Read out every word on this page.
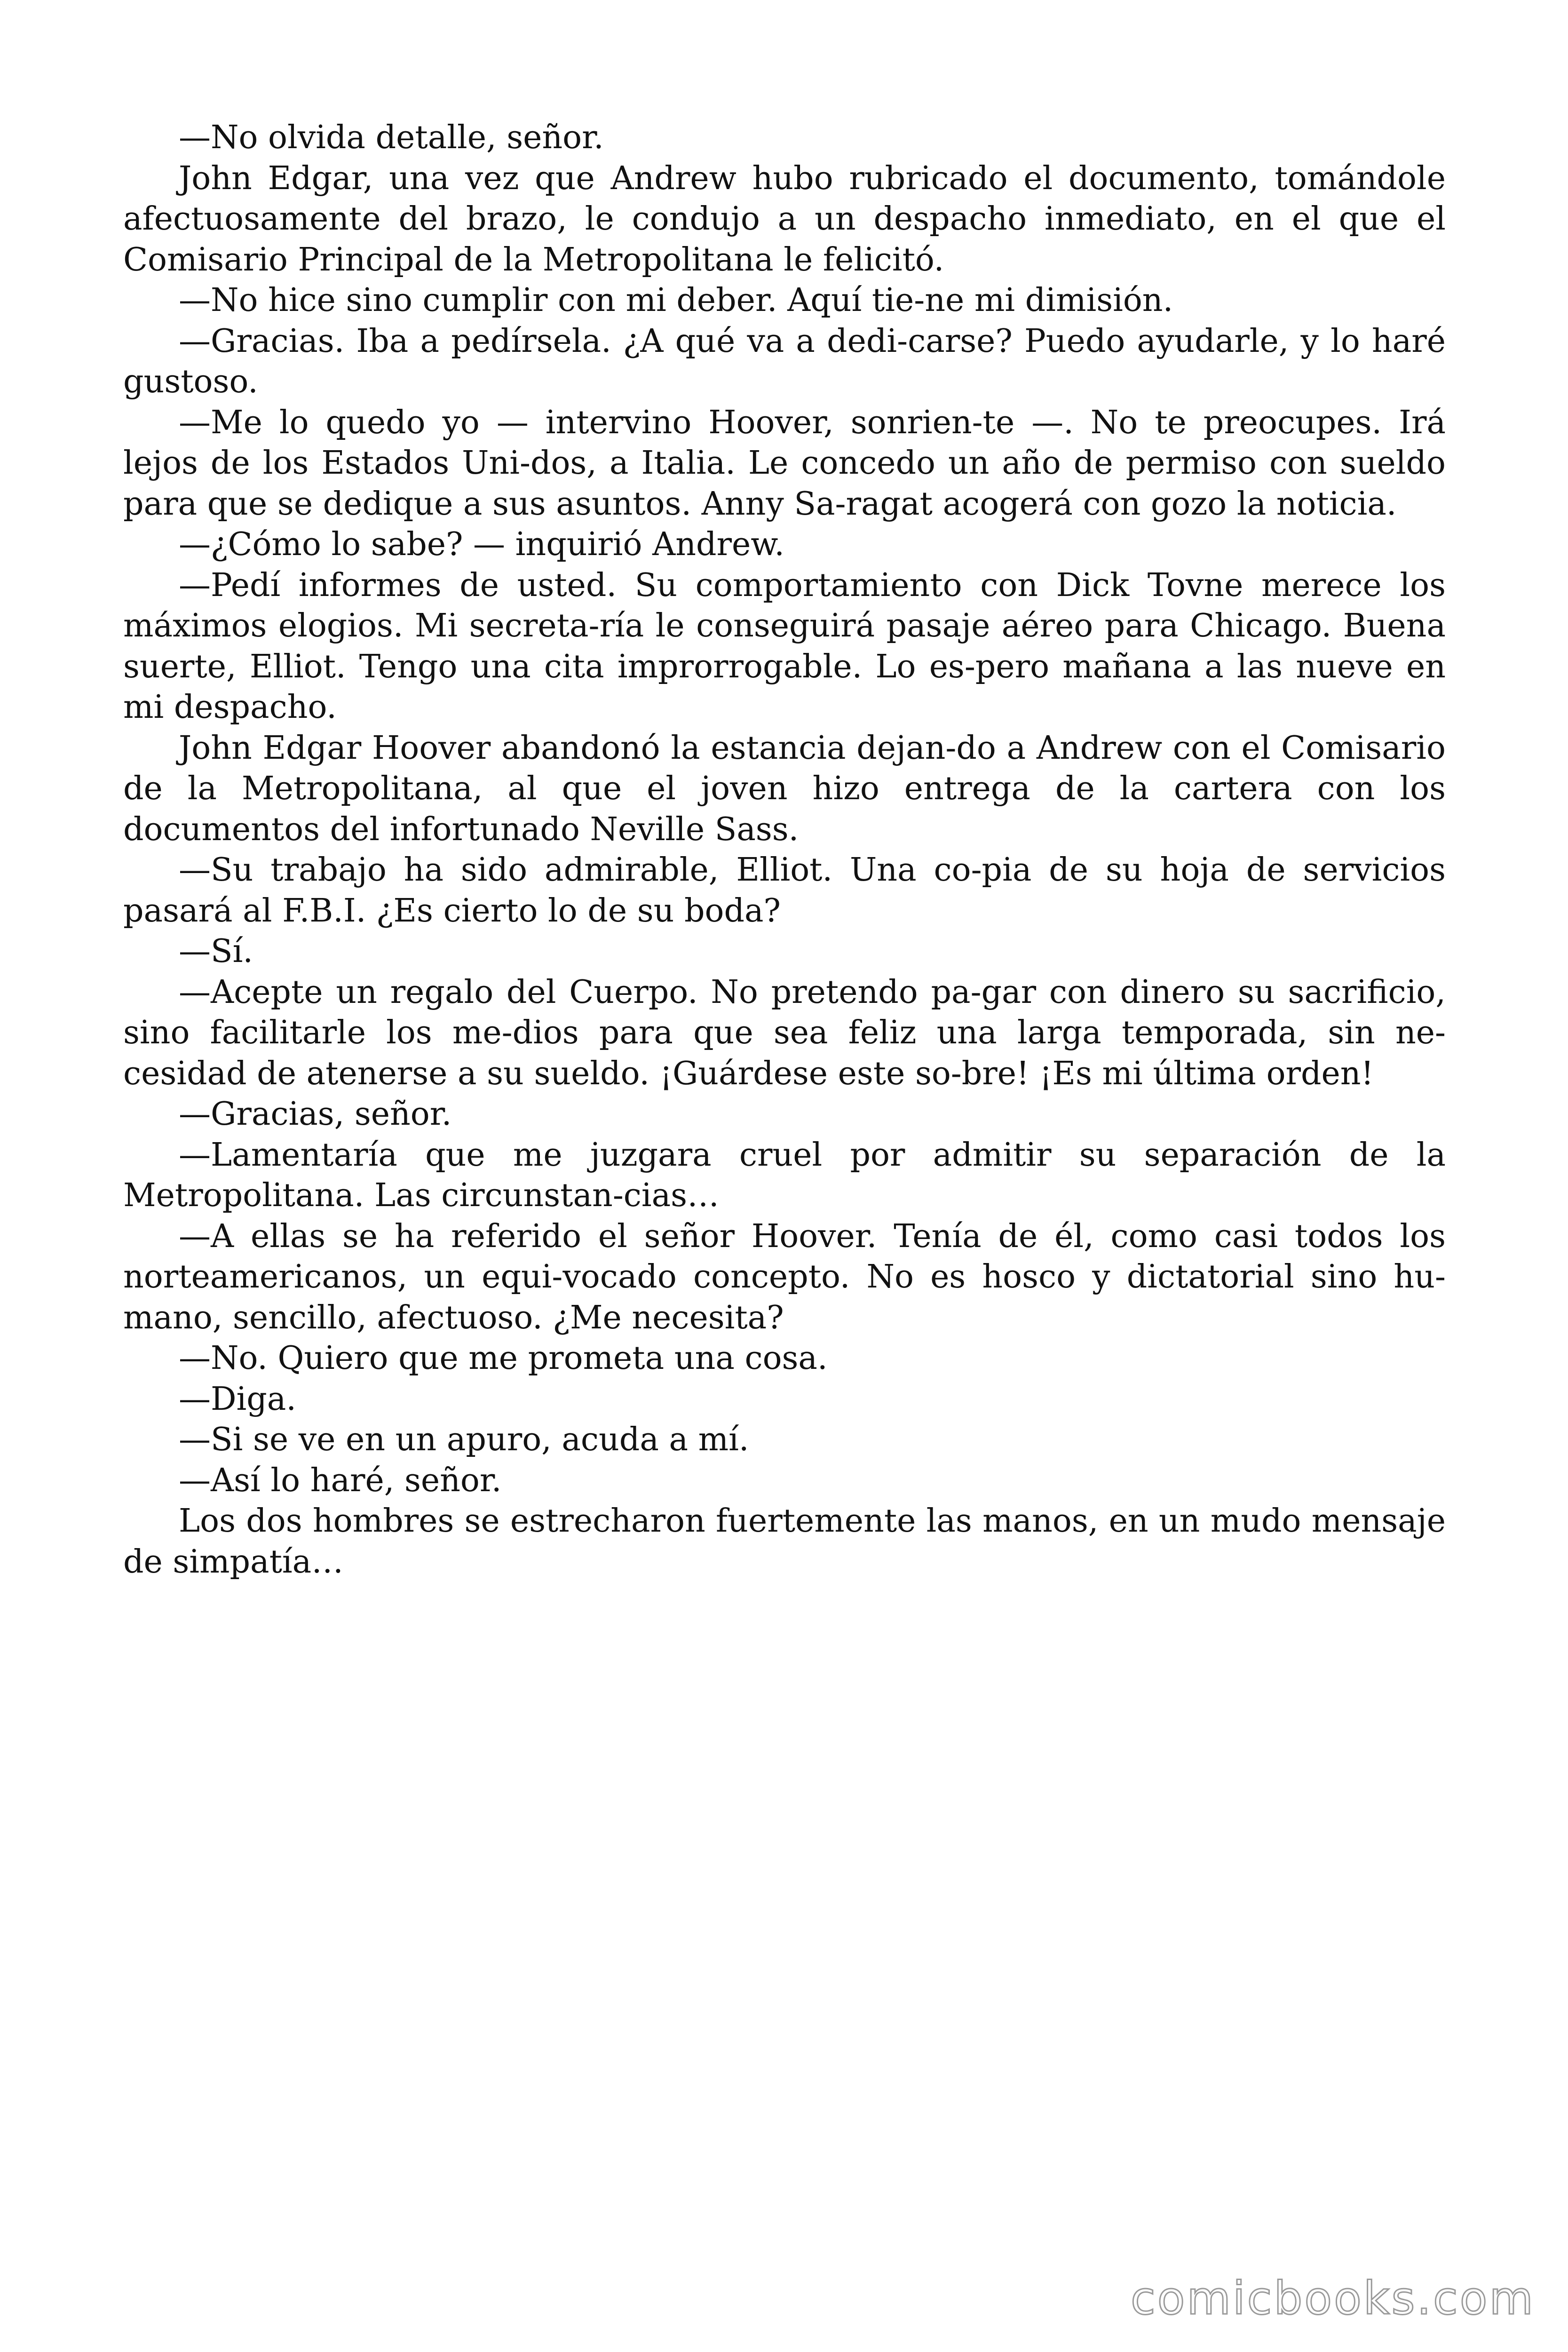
—No olvida detalle, señor.

John Edgar, una vez que Andrew hubo rubricado el documento, tomándole afectuosamente del brazo, le condujo a un despacho inmediato, en el que el Comisario Principal de la Metropolitana le felicitó.

—No hice sino cumplir con mi deber. Aquí tie-ne mi dimisión.

—Gracias. Iba a pedírsela. ¿A qué va a dedi-carse? Puedo ayudarle, y lo haré gustoso.

—Me lo quedo yo — intervino Hoover, sonrien-te —. No te preocupes. Irá lejos de los Estados Uni-dos, a Italia. Le concedo un año de permiso con sueldo para que se dedique a sus asuntos. Anny Sa-ragat acogerá con gozo la noticia.

—¿Cómo lo sabe? — inquirió Andrew.

—Pedí informes de usted. Su comportamiento con Dick Tovne merece los máximos elogios. Mi secreta-ría le conseguirá pasaje aéreo para Chicago. Buena suerte, Elliot. Tengo una cita improrrogable. Lo es-pero mañana a las nueve en mi despacho.

John Edgar Hoover abandonó la estancia dejan-do a Andrew con el Comisario de la Metropolitana, al que el joven hizo entrega de la cartera con los documentos del infortunado Neville Sass.

—Su trabajo ha sido admirable, Elliot. Una co-pia de su hoja de servicios pasará al F.B.I. ¿Es cierto lo de su boda?

—Sí.

—Acepte un regalo del Cuerpo. No pretendo pa-gar con dinero su sacrificio, sino facilitarle los me-dios para que sea feliz una larga temporada, sin ne-cesidad de atenerse a su sueldo. ¡Guárdese este so-bre! ¡Es mi última orden!

—Gracias, señor.

—Lamentaría que me juzgara cruel por admitir su separación de la Metropolitana. Las circunstan-cias…

—A ellas se ha referido el señor Hoover. Tenía de él, como casi todos los norteamericanos, un equi-vocado concepto. No es hosco y dictatorial sino hu-mano, sencillo, afectuoso. ¿Me necesita?

—No. Quiero que me prometa una cosa.

—Diga.

—Si se ve en un apuro, acuda a mí.

—Así lo haré, señor.

Los dos hombres se estrecharon fuertemente las manos, en un mudo mensaje de simpatía…

comicbooks.com
